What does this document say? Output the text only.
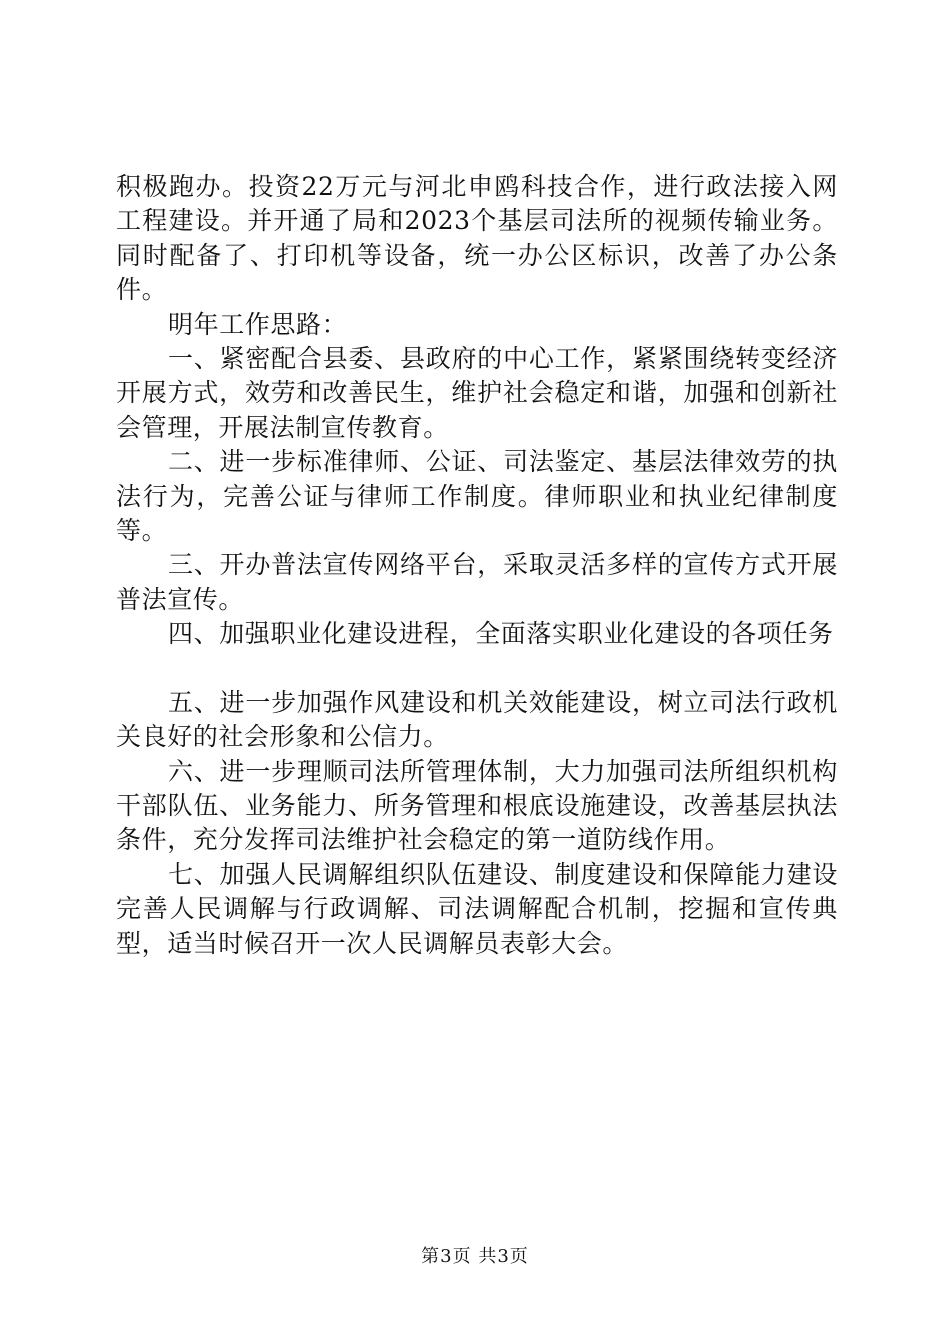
积极跑办。投资22万元与河北申鸥科技合作，进行政法接入网工程建设。并开通了局和2023个基层司法所的视频传输业务。同时配备了、打印机等设备，统一办公区标识，改善了办公条件。

明年工作思路：

一、紧密配合县委、县政府的中心工作，紧紧围绕转变经济开展方式，效劳和改善民生，维护社会稳定和谐，加强和创新社会管理，开展法制宣传教育。

二、进一步标准律师、公证、司法鉴定、基层法律效劳的执法行为，完善公证与律师工作制度。律师职业和执业纪律制度等。

三、开办普法宣传网络平台，采取灵活多样的宣传方式开展普法宣传。

四、加强职业化建设进程，全面落实职业化建设的各项任务

五、进一步加强作风建设和机关效能建设，树立司法行政机关良好的社会形象和公信力。

六、进一步理顺司法所管理体制，大力加强司法所组织机构干部队伍、业务能力、所务管理和根底设施建设，改善基层执法条件，充分发挥司法维护社会稳定的第一道防线作用。

七、加强人民调解组织队伍建设、制度建设和保障能力建设完善人民调解与行政调解、司法调解配合机制，挖掘和宣传典型，适当时候召开一次人民调解员表彰大会。

第3页 共3页
